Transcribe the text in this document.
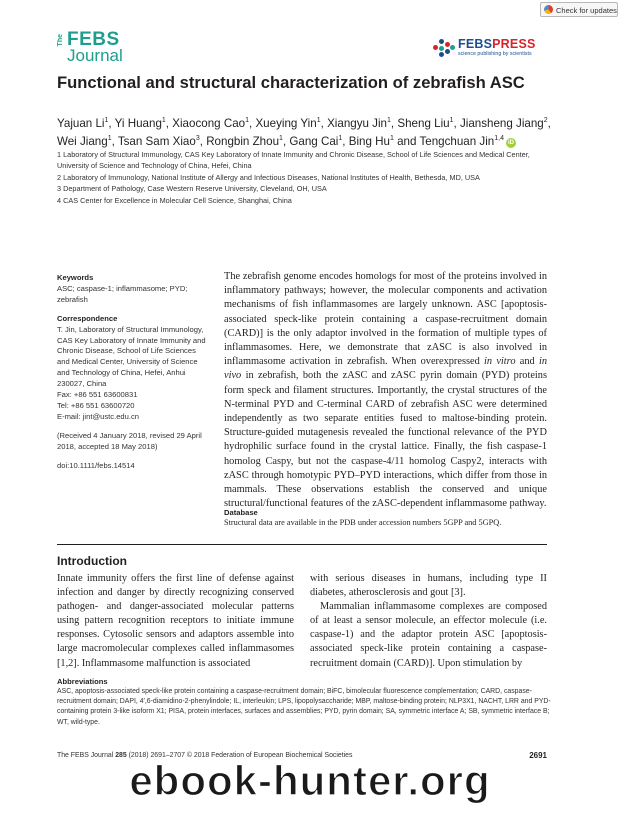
Check for updates
The FEBS
Journal
FEBSPRESS
science publishing by scientists
Functional and structural characterization of zebrafish ASC
Yajuan Li$^1$, Yi Huang$^1$, Xiaocong Cao$^1$, Xueying Yin$^1$, Xiangyu Jin$^1$, Sheng Liu$^1$, Jiansheng Jiang$^2$, Wei Jiang$^1$, Tsan Sam Xiao$^3$, Rongbin Zhou$^1$, Gang Cai$^1$, Bing Hu$^1$ and Tengchuan Jin$^{1,4}$iD

1 Laboratory of Structural Immunology, CAS Key Laboratory of Innate Immunity and Chronic Disease, School of Life Sciences and Medical Center, University of Science and Technology of China, Hefei, China

2 Laboratory of Immunology, National Institute of Allergy and Infectious Diseases, National Institutes of Health, Bethesda, MD, USA

3 Department of Pathology, Case Western Reserve University, Cleveland, OH, USA

4 CAS Center for Excellence in Molecular Cell Science, Shanghai, China

Keywords

ASC; caspase-1; inflammasome; PYD; zebrafish

Correspondence
T. Jin, Laboratory of Structural Immunology,
CAS Key Laboratory of Innate Immunity and
Chronic Disease, School of Life Sciences
and Medical Center, University of Science
and Technology of China, Hefei, Anhui
230027, China
Fax: +86 551 63600831
Tel: +86 551 63600720
E-mail: jint@ustc.edu.cn

(Received 4 January 2018, revised 29 April 2018, accepted 18 May 2018)

doi:10.1111/febs.14514

The zebrafish genome encodes homologs for most of the proteins involved in inflammatory pathways; however, the molecular components and activation mechanisms of fish inflammasomes are largely unknown. ASC [apoptosis-associated speck-like protein containing a caspase-recruitment domain (CARD)] is the only adaptor involved in the formation of multiple types of inflammasomes. Here, we demonstrate that zASC is also involved in inflammasome activation in zebrafish. When overexpressed in vitro and in vivo in zebrafish, both the zASC and zASC pyrin domain (PYD) proteins form speck and filament structures. Importantly, the crystal structures of the N-terminal PYD and C-terminal CARD of zebrafish ASC were determined independently as two separate entities fused to maltose-binding protein. Structure-guided mutagenesis revealed the functional relevance of the PYD hydrophilic surface found in the crystal lattice. Finally, the fish caspase-1 homolog Caspy, but not the caspase-4/11 homolog Caspy2, interacts with zASC through homotypic PYD–PYD interactions, which differ from those in mammals. These observations establish the conserved and unique structural/functional features of the zASC-dependent inflammasome pathway.
Database
Structural data are available in the PDB under accession numbers 5GPP and 5GPQ.
Introduction
Innate immunity offers the first line of defense against infection and danger by directly recognizing conserved pathogen- and danger-associated molecular patterns using pattern recognition receptors to initiate immune responses. Cytosolic sensors and adaptors assemble into large macromolecular complexes called inflammasomes [1,2]. Inflammasome malfunction is associated

with serious diseases in humans, including type II diabetes, atherosclerosis and gout [3].

Mammalian inflammasome complexes are composed of at least a sensor molecule, an effector molecule (i.e. caspase-1) and the adaptor protein ASC [apoptosis-associated speck-like protein containing a caspase-recruitment domain (CARD)]. Upon stimulation by

Abbreviations
ASC, apoptosis-associated speck-like protein containing a caspase-recruitment domain; BiFC, bimolecular fluorescence complementation; CARD, caspase-recruitment domain; DAPI, 4′,6-diamidino-2-phenylindole; IL, interleukin; LPS, lipopolysaccharide; MBP, maltose-binding protein; NLP3X1, NACHT, LRR and PYD-containing protein 3-like isoform X1; PISA, protein interfaces, surfaces and assemblies; PYD, pyrin domain; SA, symmetric interface A; SB, symmetric interface B; WT, wild-type.
The FEBS Journal 285 (2018) 2691–2707 © 2018 Federation of European Biochemical Societies	2691
ebook-hunter.org
